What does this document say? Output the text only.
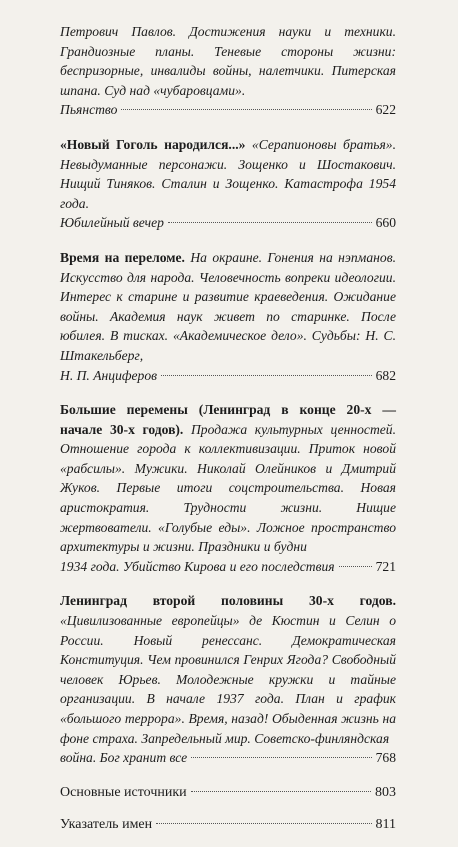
Петрович Павлов. Достижения науки и техники. Грандиозные планы. Теневые стороны жизни: беспризорные, инвалиды войны, налетчики. Питерская шпана. Суд над «чубаровцами».
Пьянство	622
«Новый Гоголь народился...» «Серапионовы братья». Невыдуманные персонажи. Зощенко и Шостакович. Нищий Тиняков. Сталин и Зощенко. Катастрофа 1954 года.
Юбилейный вечер	660
Время на переломе. На окраине. Гонения на нэпманов. Искусство для народа. Человечность вопреки идеологии. Интерес к старине и развитие краеведения. Ожидание войны. Академия наук живет по старинке. После юбилея. В тисках. «Академическое дело». Судьбы: Н. С. Штакельберг,
Н. П. Анциферов	682
Большие перемены (Ленинград в конце 20-х — начале 30-х годов). Продажа культурных ценностей. Отношение города к коллективизации. Приток новой «рабсилы». Мужики. Николай Олейников и Дмитрий Жуков. Первые итоги соцстроительства. Новая аристократия. Трудности жизни. Нищие жертвователи. «Голубые еды». Ложное пространство архитектуры и жизни. Праздники и будни
1934 года. Убийство Кирова и его последствия	721
Ленинград второй половины 30-х годов. «Цивилизованные европейцы» де Кюстин и Селин о России. Новый ренессанс. Демократическая Конституция. Чем провинился Генрих Ягода? Свободный человек Юрьев. Молодежные кружки и тайные организации. В начале 1937 года. План и график «большого террора». Время, назад! Обыденная жизнь на фоне страха. Запредельный мир. Советско-финляндская
война. Бог хранит все	768
Основные источники	803
Указатель имен	811
